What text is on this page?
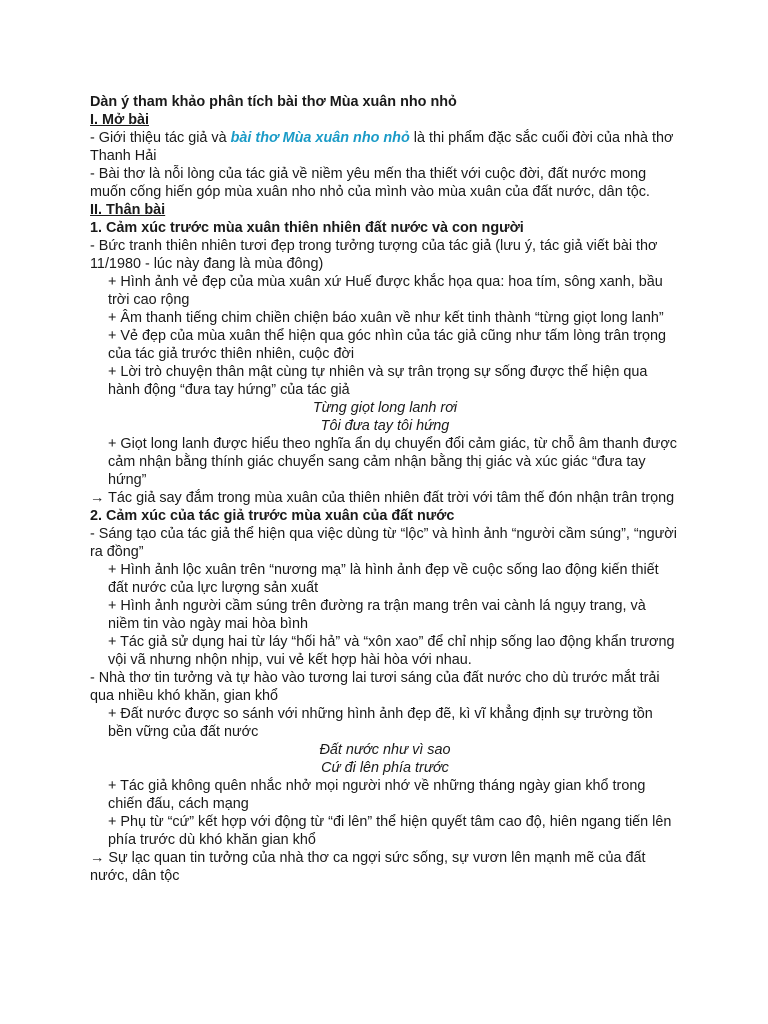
Dàn ý tham khảo phân tích bài thơ Mùa xuân nho nhỏ

I. Mở bài

- Giới thiệu tác giả và bài thơ Mùa xuân nho nhỏ là thi phẩm đặc sắc cuối đời của nhà thơ Thanh Hải

- Bài thơ là nỗi lòng của tác giả về niềm yêu mến tha thiết với cuộc đời, đất nước mong muốn cống hiến góp mùa xuân nho nhỏ của mình vào mùa xuân của đất nước, dân tộc.

II. Thân bài

1. Cảm xúc trước mùa xuân thiên nhiên đất nước và con người

- Bức tranh thiên nhiên tươi đẹp trong tưởng tượng của tác giả (lưu ý, tác giả viết bài thơ 11/1980 - lúc này đang là mùa đông)

+ Hình ảnh vẻ đẹp của mùa xuân xứ Huế được khắc họa qua: hoa tím, sông xanh, bầu trời cao rộng

+ Âm thanh tiếng chim chiền chiện báo xuân về như kết tinh thành “từng giọt long lanh”

+ Vẻ đẹp của mùa xuân thể hiện qua góc nhìn của tác giả cũng như tấm lòng trân trọng của tác giả trước thiên nhiên, cuộc đời

+ Lời trò chuyện thân mật cùng tự nhiên và sự trân trọng sự sống được thể hiện qua hành động “đưa tay hứng” của tác giả

Từng giọt long lanh rơi

Tôi đưa tay tôi hứng

+ Giọt long lanh được hiểu theo nghĩa ẩn dụ chuyển đổi cảm giác, từ chỗ âm thanh được cảm nhận bằng thính giác chuyển sang cảm nhận bằng thị giác và xúc giác “đưa tay hứng”

→ Tác giả say đắm trong mùa xuân của thiên nhiên đất trời với tâm thế đón nhận trân trọng

2. Cảm xúc của tác giả trước mùa xuân của đất nước

- Sáng tạo của tác giả thể hiện qua việc dùng từ “lộc” và hình ảnh “người cầm súng”, “người ra đồng”

+ Hình ảnh lộc xuân trên “nương mạ” là hình ảnh đẹp về cuộc sống lao động kiến thiết đất nước của lực lượng sản xuất

+ Hình ảnh người cầm súng trên đường ra trận mang trên vai cành lá ngụy trang, và niềm tin vào ngày mai hòa bình

+ Tác giả sử dụng hai từ láy “hối hả” và “xôn xao” để chỉ nhịp sống lao động khẩn trương vội vã nhưng nhộn nhịp, vui vẻ kết hợp hài hòa với nhau.

- Nhà thơ tin tưởng và tự hào vào tương lai tươi sáng của đất nước cho dù trước mắt trải qua nhiều khó khăn, gian khổ

+ Đất nước được so sánh với những hình ảnh đẹp đẽ, kì vĩ khẳng định sự trường tồn bền vững của đất nước

Đất nước như vì sao

Cứ đi lên phía trước

+ Tác giả không quên nhắc nhở mọi người nhớ về những tháng ngày gian khổ trong chiến đấu, cách mạng

+ Phụ từ “cứ” kết hợp với động từ “đi lên” thể hiện quyết tâm cao độ, hiên ngang tiến lên phía trước dù khó khăn gian khổ

→ Sự lạc quan tin tưởng của nhà thơ ca ngợi sức sống, sự vươn lên mạnh mẽ của đất nước, dân tộc
